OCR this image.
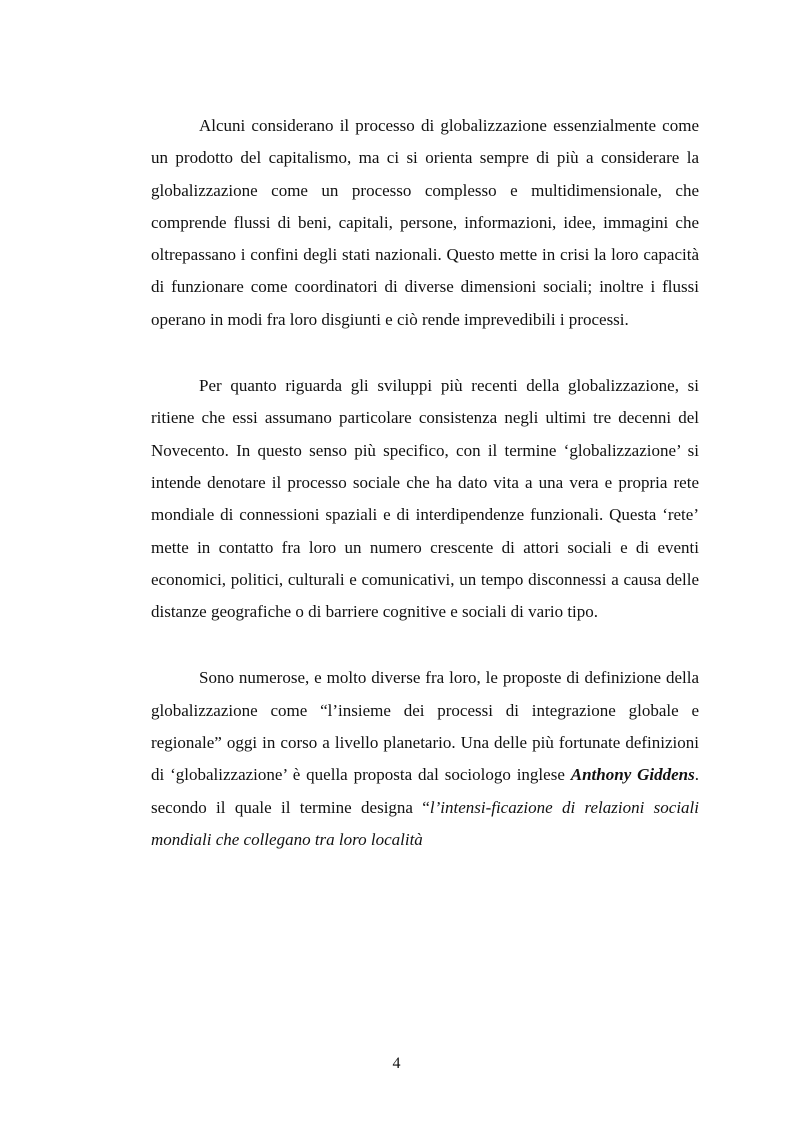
Alcuni considerano il processo di globalizzazione essenzialmente come un prodotto del capitalismo, ma ci si orienta sempre di più a considerare la globalizzazione come un processo complesso e multidimensionale, che comprende flussi di beni, capitali, persone, informazioni, idee, immagini che oltrepassano i confini degli stati nazionali. Questo mette in crisi la loro capacità di funzionare come coordinatori di diverse dimensioni sociali; inoltre i flussi operano in modi fra loro disgiunti e ciò rende imprevedibili i processi.

Per quanto riguarda gli sviluppi più recenti della globalizzazione, si ritiene che essi assumano particolare consistenza negli ultimi tre decenni del Novecento. In questo senso più specifico, con il termine ‘globalizzazione’ si intende denotare il processo sociale che ha dato vita a una vera e propria rete mondiale di connessioni spaziali e di interdipendenze funzionali. Questa ‘rete’ mette in contatto fra loro un numero crescente di attori sociali e di eventi economici, politici, culturali e comunicativi, un tempo disconnessi a causa delle distanze geografiche o di barriere cognitive e sociali di vario tipo.

Sono numerose, e molto diverse fra loro, le proposte di definizione della globalizzazione come “l’insieme dei processi di integrazione globale e regionale” oggi in corso a livello planetario. Una delle più fortunate definizioni di ‘globalizzazione’ è quella proposta dal sociologo inglese Anthony Giddens. secondo il quale il termine designa “l’intensi-ficazione di relazioni sociali mondiali che collegano tra loro località

4
